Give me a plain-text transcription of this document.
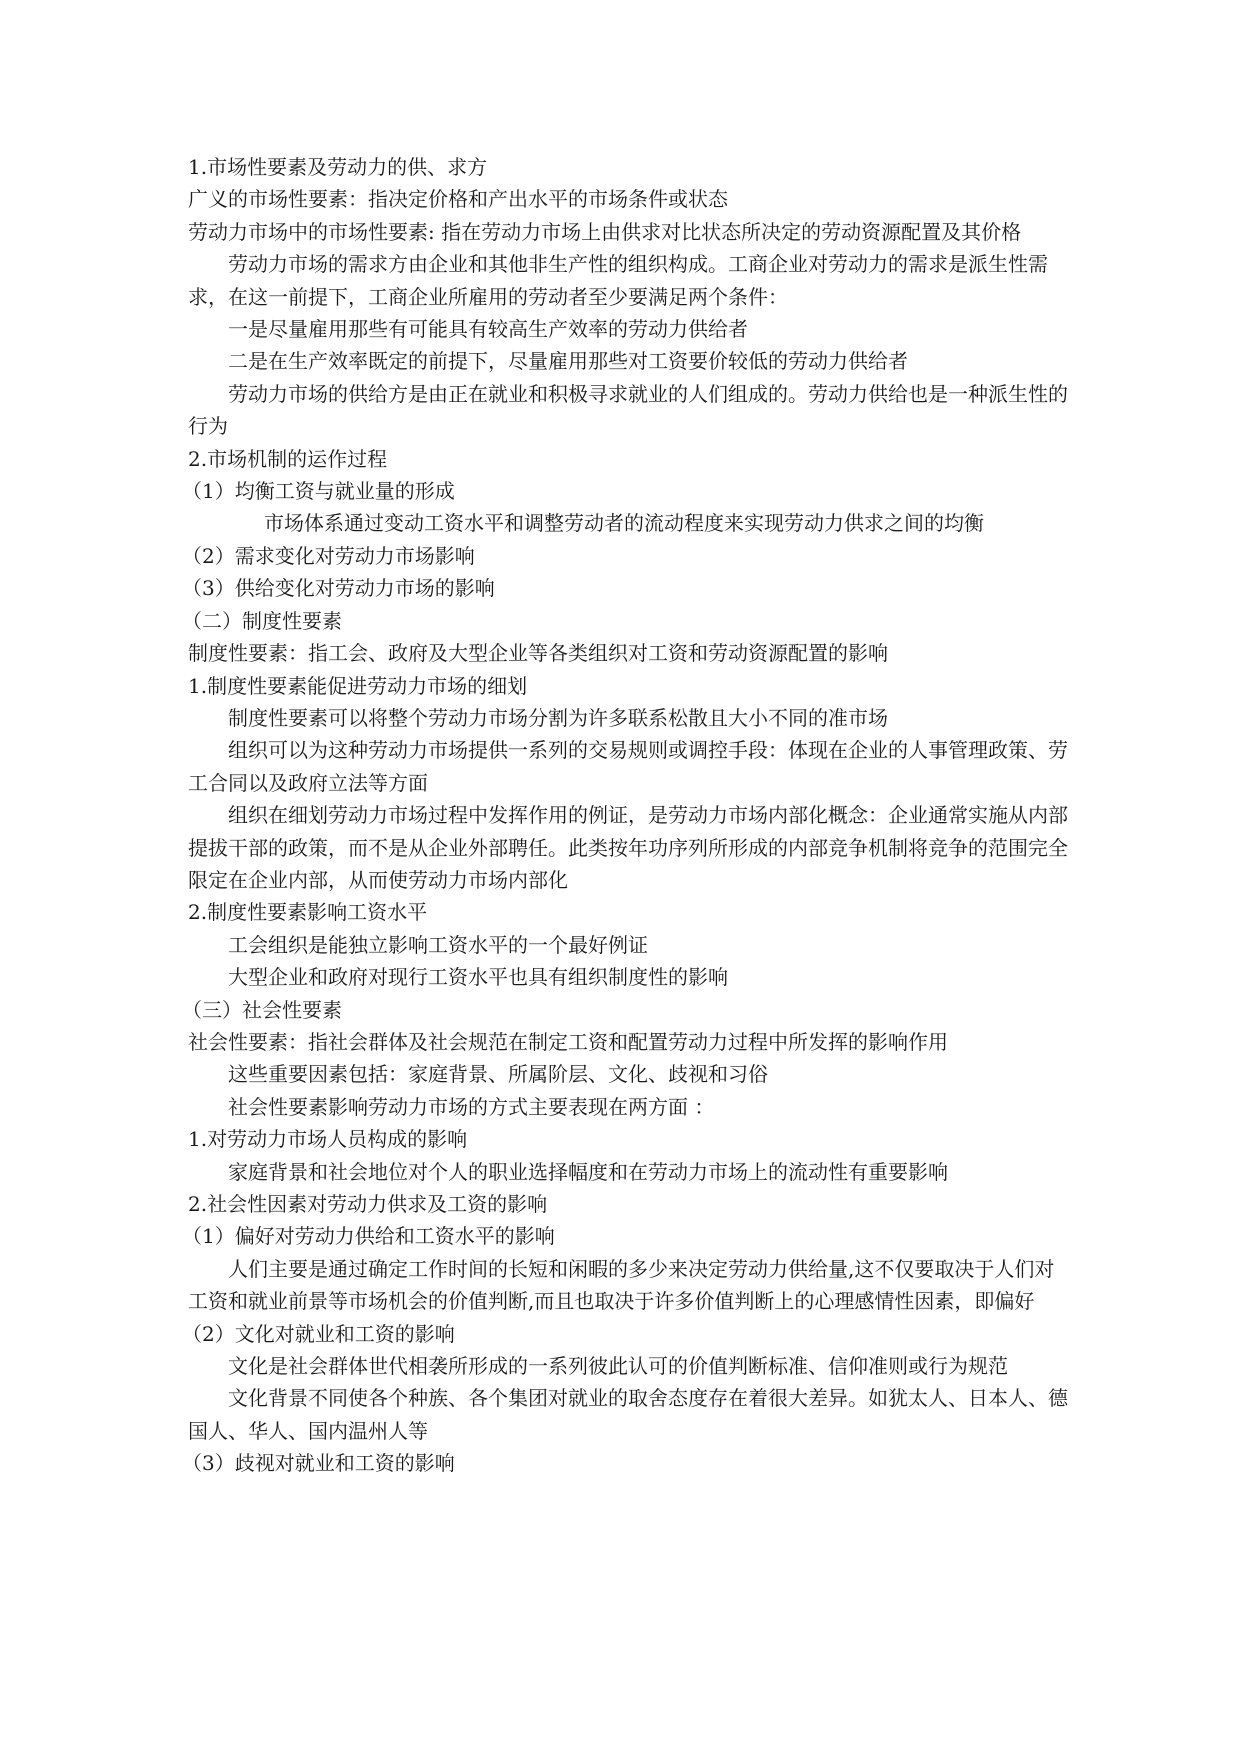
1.市场性要素及劳动力的供、求方

广义的市场性要素：指决定价格和产出水平的市场条件或状态

劳动力市场中的市场性要素: 指在劳动力市场上由供求对比状态所决定的劳动资源配置及其价格

劳动力市场的需求方由企业和其他非生产性的组织构成。工商企业对劳动力的需求是派生性需求，在这一前提下，工商企业所雇用的劳动者至少要满足两个条件：

一是尽量雇用那些有可能具有较高生产效率的劳动力供给者

二是在生产效率既定的前提下，尽量雇用那些对工资要价较低的劳动力供给者

劳动力市场的供给方是由正在就业和积极寻求就业的人们组成的。劳动力供给也是一种派生性的行为

2.市场机制的运作过程

（1）均衡工资与就业量的形成

市场体系通过变动工资水平和调整劳动者的流动程度来实现劳动力供求之间的均衡

（2）需求变化对劳动力市场影响

（3）供给变化对劳动力市场的影响

（二）制度性要素

制度性要素：指工会、政府及大型企业等各类组织对工资和劳动资源配置的影响

1.制度性要素能促进劳动力市场的细划

制度性要素可以将整个劳动力市场分割为许多联系松散且大小不同的准市场

组织可以为这种劳动力市场提供一系列的交易规则或调控手段：体现在企业的人事管理政策、劳工合同以及政府立法等方面

组织在细划劳动力市场过程中发挥作用的例证，是劳动力市场内部化概念：企业通常实施从内部提拔干部的政策，而不是从企业外部聘任。此类按年功序列所形成的内部竞争机制将竞争的范围完全限定在企业内部，从而使劳动力市场内部化

2.制度性要素影响工资水平

工会组织是能独立影响工资水平的一个最好例证

大型企业和政府对现行工资水平也具有组织制度性的影响

（三）社会性要素

社会性要素：指社会群体及社会规范在制定工资和配置劳动力过程中所发挥的影响作用

这些重要因素包括：家庭背景、所属阶层、文化、歧视和习俗

社会性要素影响劳动力市场的方式主要表现在两方面 ：

1.对劳动力市场人员构成的影响

家庭背景和社会地位对个人的职业选择幅度和在劳动力市场上的流动性有重要影响

2.社会性因素对劳动力供求及工资的影响

（1）偏好对劳动力供给和工资水平的影响

人们主要是通过确定工作时间的长短和闲暇的多少来决定劳动力供给量,这不仅要取决于人们对工资和就业前景等市场机会的价值判断,而且也取决于许多价值判断上的心理感情性因素，即偏好

（2）文化对就业和工资的影响

文化是社会群体世代相袭所形成的一系列彼此认可的价值判断标准、信仰准则或行为规范

文化背景不同使各个种族、各个集团对就业的取舍态度存在着很大差异。如犹太人、日本人、德国人、华人、国内温州人等

（3）歧视对就业和工资的影响
